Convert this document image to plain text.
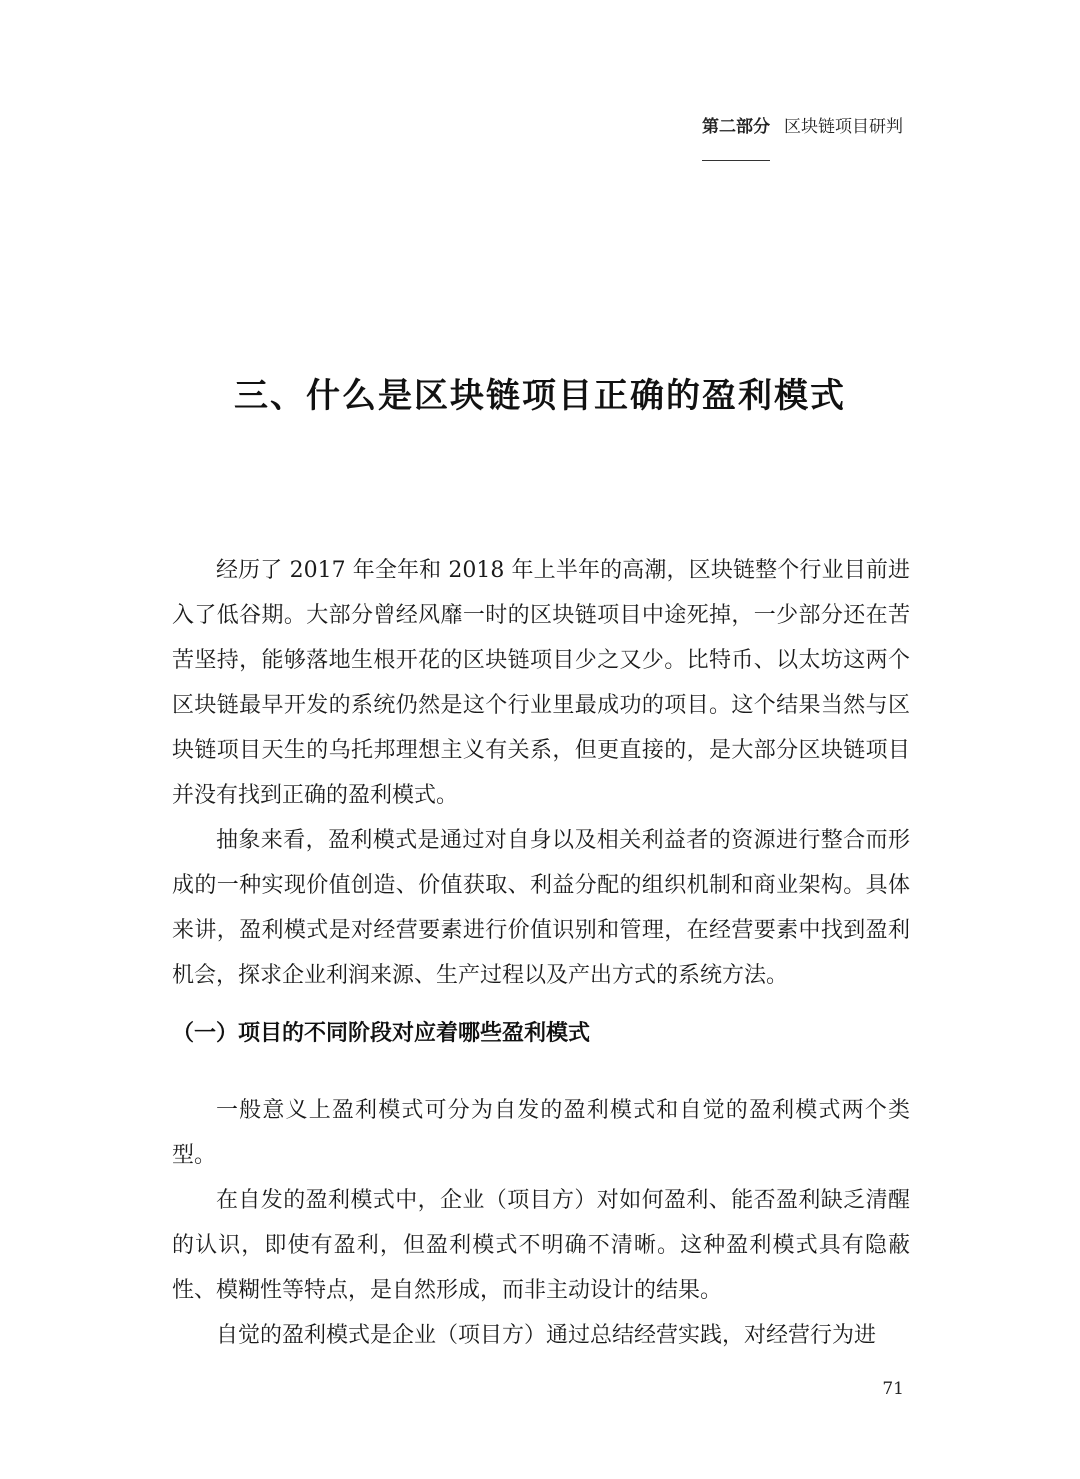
第二部分 区块链项目研判
三、什么是区块链项目正确的盈利模式

经历了 2017 年全年和 2018 年上半年的高潮，区块链整个行业目前进入了低谷期。大部分曾经风靡一时的区块链项目中途死掉，一少部分还在苦苦坚持，能够落地生根开花的区块链项目少之又少。比特币、以太坊这两个区块链最早开发的系统仍然是这个行业里最成功的项目。这个结果当然与区块链项目天生的乌托邦理想主义有关系，但更直接的，是大部分区块链项目并没有找到正确的盈利模式。

抽象来看，盈利模式是通过对自身以及相关利益者的资源进行整合而形成的一种实现价值创造、价值获取、利益分配的组织机制和商业架构。具体来讲，盈利模式是对经营要素进行价值识别和管理，在经营要素中找到盈利机会，探求企业利润来源、生产过程以及产出方式的系统方法。

（一）项目的不同阶段对应着哪些盈利模式

一般意义上盈利模式可分为自发的盈利模式和自觉的盈利模式两个类型。

在自发的盈利模式中，企业（项目方）对如何盈利、能否盈利缺乏清醒的认识，即使有盈利，但盈利模式不明确不清晰。这种盈利模式具有隐蔽性、模糊性等特点，是自然形成，而非主动设计的结果。

自觉的盈利模式是企业（项目方）通过总结经营实践，对经营行为进

71
